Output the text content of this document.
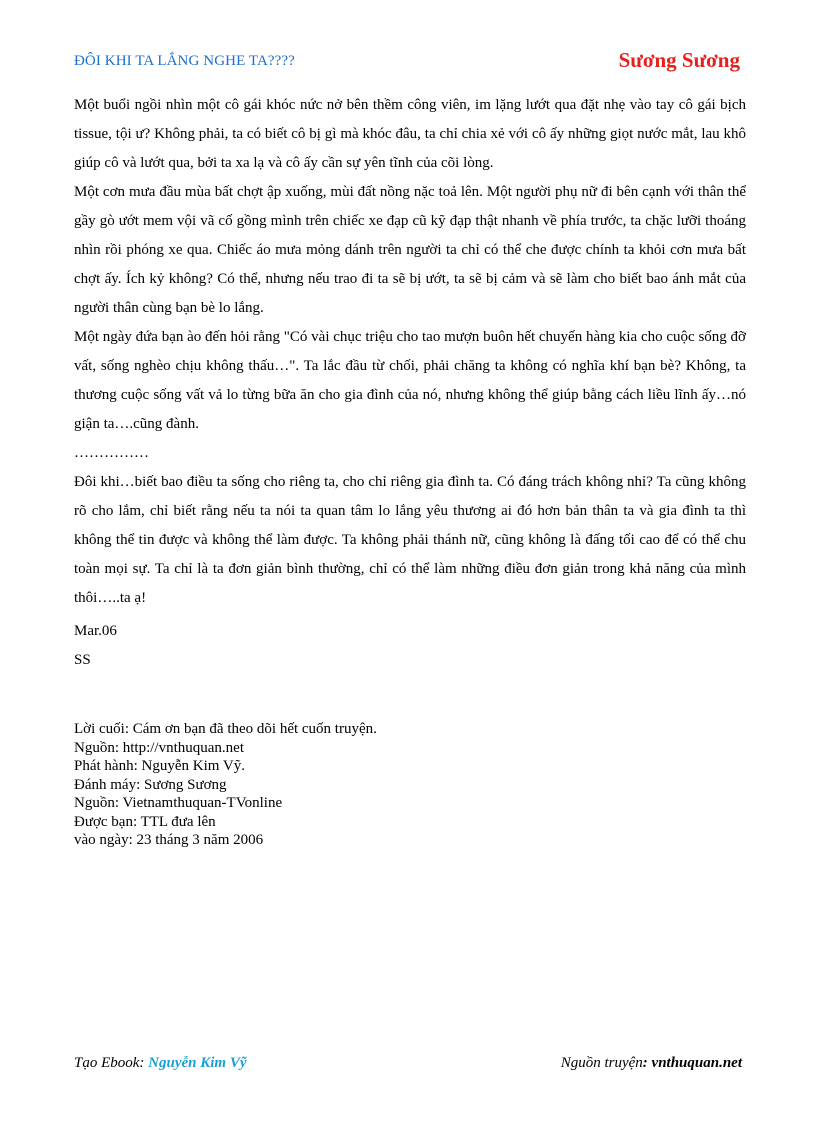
ĐÔI KHI TA LẮNG NGHE TA????	Sương Sương

Một buổi ngồi nhìn một cô gái khóc nức nở bên thềm công viên, im lặng lướt qua đặt nhẹ vào tay cô gái bịch tissue, tội ư? Không phải, ta có biết cô bị gì mà khóc đâu, ta chỉ chia xẻ với cô ấy những giọt nước mắt, lau khô giúp cô và lướt qua, bởi ta xa lạ và cô ấy cần sự yên tĩnh của cõi lòng.

Một cơn mưa đầu mùa bất chợt ập xuống, mùi đất nồng nặc toả lên. Một người phụ nữ đi bên cạnh với thân thể gầy gò ướt mem vội vã cố gồng mình trên chiếc xe đạp cũ kỹ đạp thật nhanh về phía trước, ta chặc lưỡi thoáng nhìn rồi phóng xe qua. Chiếc áo mưa mỏng dánh trên người ta chỉ có thể che được chính ta khỏi cơn mưa bất chợt ấy. Ích kỷ không? Có thể, nhưng nếu trao đi ta sẽ bị ướt, ta sẽ bị cảm và sẽ làm cho biết bao ánh mắt của người thân cùng bạn bè lo lắng.

Một ngày đứa bạn ào đến hỏi rằng "Có vài chục triệu cho tao mượn buôn hết chuyến hàng kia cho cuộc sống đỡ vất, sống nghèo chịu không thấu…". Ta lắc đầu từ chối, phải chăng ta không có nghĩa khí bạn bè? Không, ta thương cuộc sống vất vả lo từng bữa ăn cho gia đình của nó, nhưng không thể giúp bằng cách liều lĩnh ấy…nó giận ta….cũng đành.

……………

Đôi khi…biết bao điều ta sống cho riêng ta, cho chỉ riêng gia đình ta. Có đáng trách không nhỉ? Ta cũng không rõ cho lắm, chỉ biết rằng nếu ta nói ta quan tâm lo lắng yêu thương ai đó hơn bản thân ta và gia đình ta thì không thể tin được và không thể làm được. Ta không phải thánh nữ, cũng không là đấng tối cao để có thể chu toàn mọi sự. Ta chỉ là ta đơn giản bình thường, chỉ có thể làm những điều đơn giản trong khả năng của mình thôi…..ta ạ!

Mar.06
SS
Lời cuối: Cám ơn bạn đã theo dõi hết cuốn truyện.
Nguồn: http://vnthuquan.net
Phát hành: Nguyễn Kim Vỹ.
Đánh máy: Sương Sương
Nguồn: Vietnamthuquan-TVonline
Được bạn: TTL đưa lên
vào ngày: 23 tháng 3 năm 2006
Tạo Ebook: Nguyễn Kim Vỹ	Nguồn truyện: vnthuquan.net
